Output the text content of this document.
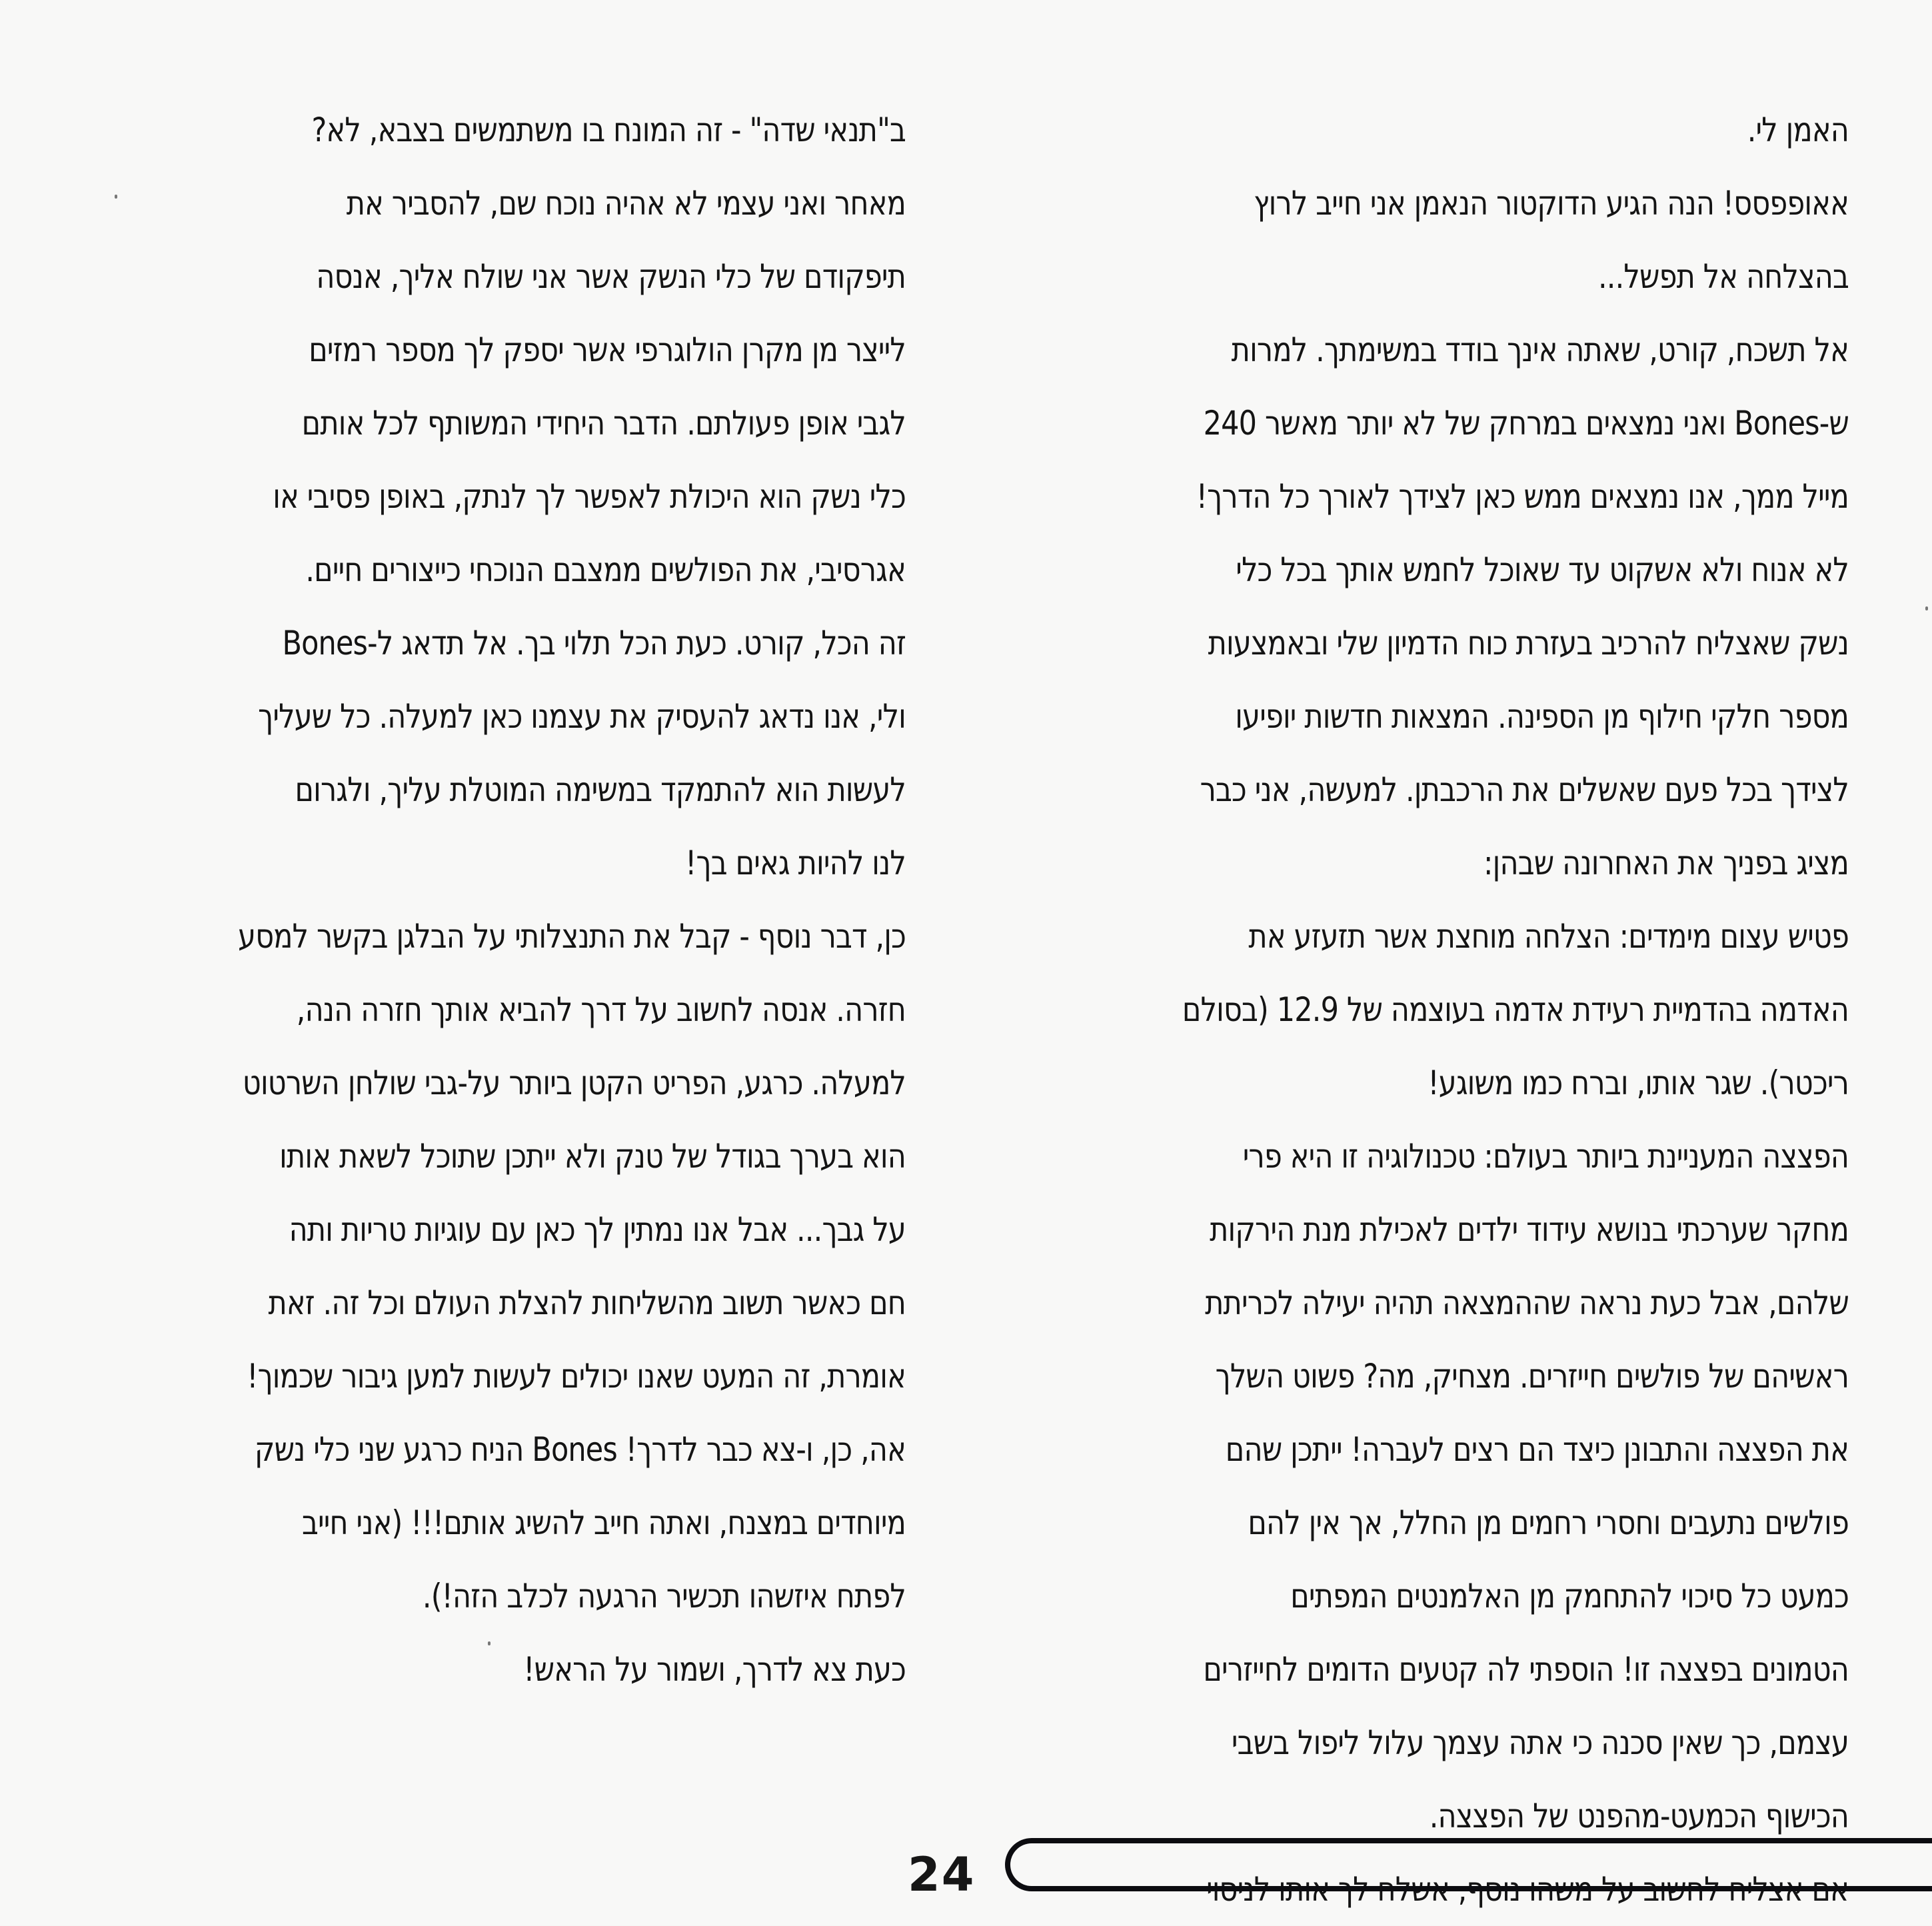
האמן לי.
אאופפסס! הנה הגיע הדוקטור הנאמן אני חייב לרוץ
בהצלחה אל תפשל...
אל תשכח, קורט, שאתה אינך בודד במשימתך. למרות
ש-Bones ואני נמצאים במרחק של לא יותר מאשר 240
מייל ממך, אנו נמצאים ממש כאן לצידך לאורך כל הדרך!
לא אנוח ולא אשקוט עד שאוכל לחמש אותך בכל כלי
נשק שאצליח להרכיב בעזרת כוח הדמיון שלי ובאמצעות
מספר חלקי חילוף מן הספינה. המצאות חדשות יופיעו
לצידך בכל פעם שאשלים את הרכבתן. למעשה, אני כבר
מציג בפניך את האחרונה שבהן:
פטיש עצום מימדים: הצלחה מוחצת אשר תזעזע את
האדמה בהדמיית רעידת אדמה בעוצמה של 12.9 (בסולם
ריכטר). שגר אותו, וברח כמו משוגע!
הפצצה המעניינת ביותר בעולם: טכנולוגיה זו היא פרי
מחקר שערכתי בנושא עידוד ילדים לאכילת מנת הירקות
שלהם, אבל כעת נראה שההמצאה תהיה יעילה לכריתת
ראשיהם של פולשים חייזרים. מצחיק, מה? פשוט השלך
את הפצצה והתבונן כיצד הם רצים לעברה! ייתכן שהם
פולשים נתעבים וחסרי רחמים מן החלל, אך אין להם
כמעט כל סיכוי להתחמק מן האלמנטים המפתים
הטמונים בפצצה זו! הוספתי לה קטעים הדומים לחייזרים
עצמם, כך שאין סכנה כי אתה עצמך עלול ליפול בשבי
הכישוף הכמעט-מהפנט של הפצצה.
אם אצליח לחשוב על משהו נוסף, אשלח לך אותו לניסוי
ב"תנאי שדה" - זה המונח בו משתמשים בצבא, לא?
מאחר ואני עצמי לא אהיה נוכח שם, להסביר את
תיפקודם של כלי הנשק אשר אני שולח אליך, אנסה
לייצר מן מקרן הולוגרפי אשר יספק לך מספר רמזים
לגבי אופן פעולתם. הדבר היחידי המשותף לכל אותם
כלי נשק הוא היכולת לאפשר לך לנתק, באופן פסיבי או
אגרסיבי, את הפולשים ממצבם הנוכחי כייצורים חיים.
זה הכל, קורט. כעת הכל תלוי בך. אל תדאג ל-Bones
ולי, אנו נדאג להעסיק את עצמנו כאן למעלה. כל שעליך
לעשות הוא להתמקד במשימה המוטלת עליך, ולגרום
לנו להיות גאים בך!
כן, דבר נוסף - קבל את התנצלותי על הבלגן בקשר למסע
חזרה. אנסה לחשוב על דרך להביא אותך חזרה הנה,
למעלה. כרגע, הפריט הקטן ביותר על-גבי שולחן השרטוט
הוא בערך בגודל של טנק ולא ייתכן שתוכל לשאת אותו
על גבך... אבל אנו נמתין לך כאן עם עוגיות טריות ותה
חם כאשר תשוב מהשליחות להצלת העולם וכל זה. זאת
אומרת, זה המעט שאנו יכולים לעשות למען גיבור שכמוך!
אה, כן, ו-צא כבר לדרך! Bones הניח כרגע שני כלי נשק
מיוחדים במצנח, ואתה חייב להשיג אותם!!! (אני חייב
לפתח איזשהו תכשיר הרגעה לכלב הזה!).
כעת צא לדרך, ושמור על הראש!
24
